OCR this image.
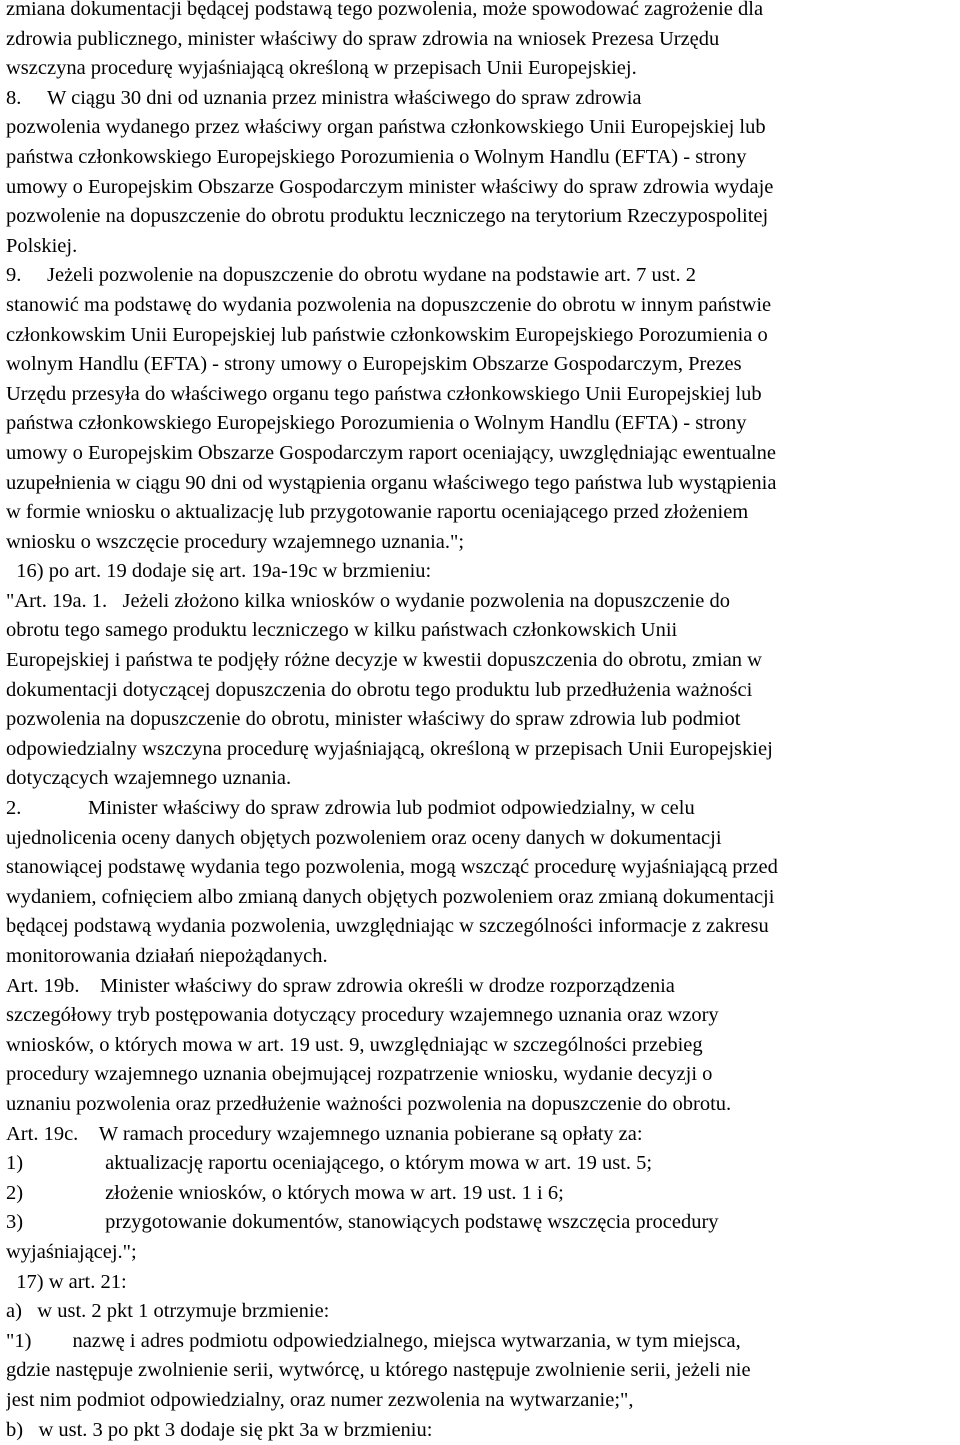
zmiana dokumentacji będącej podstawą tego pozwolenia, może spowodować zagrożenie dla
zdrowia publicznego, minister właściwy do spraw zdrowia na wniosek Prezesa Urzędu
wszczyna procedurę wyjaśniającą określoną w przepisach Unii Europejskiej.
8.     W ciągu 30 dni od uznania przez ministra właściwego do spraw zdrowia
pozwolenia wydanego przez właściwy organ państwa członkowskiego Unii Europejskiej lub
państwa członkowskiego Europejskiego Porozumienia o Wolnym Handlu (EFTA) - strony
umowy o Europejskim Obszarze Gospodarczym minister właściwy do spraw zdrowia wydaje
pozwolenie na dopuszczenie do obrotu produktu leczniczego na terytorium Rzeczypospolitej
Polskiej.
9.     Jeżeli pozwolenie na dopuszczenie do obrotu wydane na podstawie art. 7 ust. 2
stanowić ma podstawę do wydania pozwolenia na dopuszczenie do obrotu w innym państwie
członkowskim Unii Europejskiej lub państwie członkowskim Europejskiego Porozumienia o
wolnym Handlu (EFTA) - strony umowy o Europejskim Obszarze Gospodarczym, Prezes
Urzędu przesyła do właściwego organu tego państwa członkowskiego Unii Europejskiej lub
państwa członkowskiego Europejskiego Porozumienia o Wolnym Handlu (EFTA) - strony
umowy o Europejskim Obszarze Gospodarczym raport oceniający, uwzględniając ewentualne
uzupełnienia w ciągu 90 dni od wystąpienia organu właściwego tego państwa lub wystąpienia
w formie wniosku o aktualizację lub przygotowanie raportu oceniającego przed złożeniem
wniosku o wszczęcie procedury wzajemnego uznania.";
16) po art. 19 dodaje się art. 19a-19c w brzmieniu:
"Art. 19a. 1.   Jeżeli złożono kilka wniosków o wydanie pozwolenia na dopuszczenie do
obrotu tego samego produktu leczniczego w kilku państwach członkowskich Unii
Europejskiej i państwa te podjęły różne decyzje w kwestii dopuszczenia do obrotu, zmian w
dokumentacji dotyczącej dopuszczenia do obrotu tego produktu lub przedłużenia ważności
pozwolenia na dopuszczenie do obrotu, minister właściwy do spraw zdrowia lub podmiot
odpowiedzialny wszczyna procedurę wyjaśniającą, określoną w przepisach Unii Europejskiej
dotyczących wzajemnego uznania.
2.             Minister właściwy do spraw zdrowia lub podmiot odpowiedzialny, w celu
ujednolicenia oceny danych objętych pozwoleniem oraz oceny danych w dokumentacji
stanowiącej podstawę wydania tego pozwolenia, mogą wszcząć procedurę wyjaśniającą przed
wydaniem, cofnięciem albo zmianą danych objętych pozwoleniem oraz zmianą dokumentacji
będącej podstawą wydania pozwolenia, uwzględniając w szczególności informacje z zakresu
monitorowania działań niepożądanych.
Art. 19b.    Minister właściwy do spraw zdrowia określi w drodze rozporządzenia
szczegółowy tryb postępowania dotyczący procedury wzajemnego uznania oraz wzory
wniosków, o których mowa w art. 19 ust. 9, uwzględniając w szczególności przebieg
procedury wzajemnego uznania obejmującej rozpatrzenie wniosku, wydanie decyzji o
uznaniu pozwolenia oraz przedłużenie ważności pozwolenia na dopuszczenie do obrotu.
Art. 19c.    W ramach procedury wzajemnego uznania pobierane są opłaty za:
1)                aktualizację raportu oceniającego, o którym mowa w art. 19 ust. 5;
2)                złożenie wniosków, o których mowa w art. 19 ust. 1 i 6;
3)                przygotowanie dokumentów, stanowiących podstawę wszczęcia procedury
wyjaśniającej.";
17) w art. 21:
a)   w ust. 2 pkt 1 otrzymuje brzmienie:
"1)        nazwę i adres podmiotu odpowiedzialnego, miejsca wytwarzania, w tym miejsca,
gdzie następuje zwolnienie serii, wytwórcę, u którego następuje zwolnienie serii, jeżeli nie
jest nim podmiot odpowiedzialny, oraz numer zezwolenia na wytwarzanie;",
b)   w ust. 3 po pkt 3 dodaje się pkt 3a w brzmieniu:
